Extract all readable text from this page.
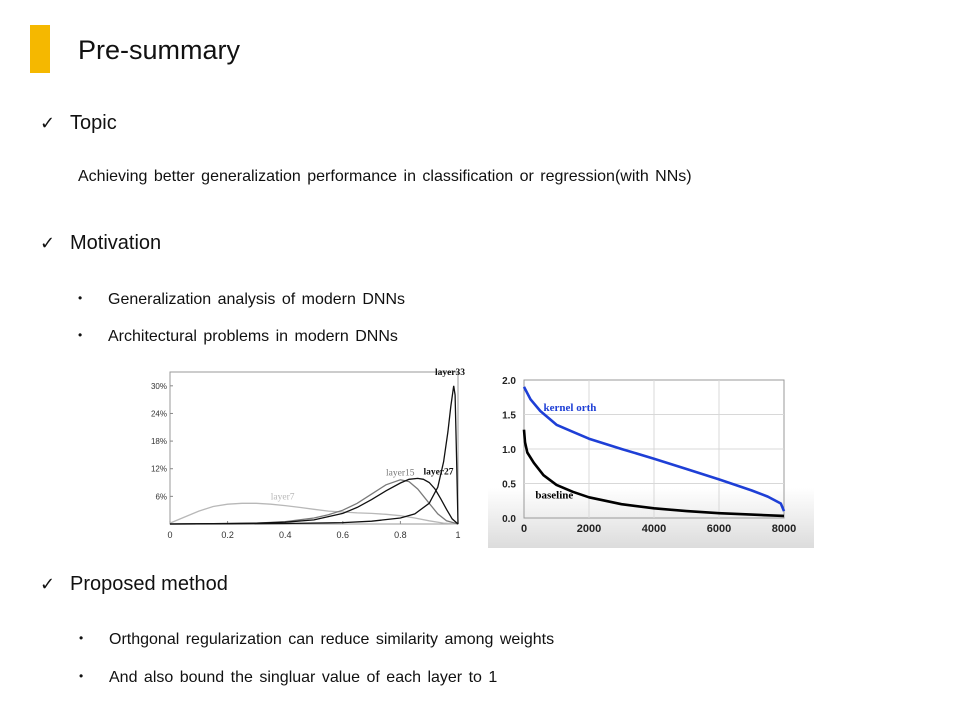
Pre-summary
✓ Topic
Achieving better generalization performance in classification or regression(with NNs)
✓ Motivation
• Generalization analysis of modern DNNs
• Architectural problems in modern DNNs
0	0.2	0.4	0.6	0.8	1
6%
12%
18%
24%
30%
layer33
layer15 layer27
layer7
0	2000	4000	6000	8000
0.0
0.5
1.0
1.5
2.0
kernel orth
baseline
✓ Proposed method
• Orthgonal regularization can reduce similarity among weights
• And also bound the singluar value of each layer to 1
